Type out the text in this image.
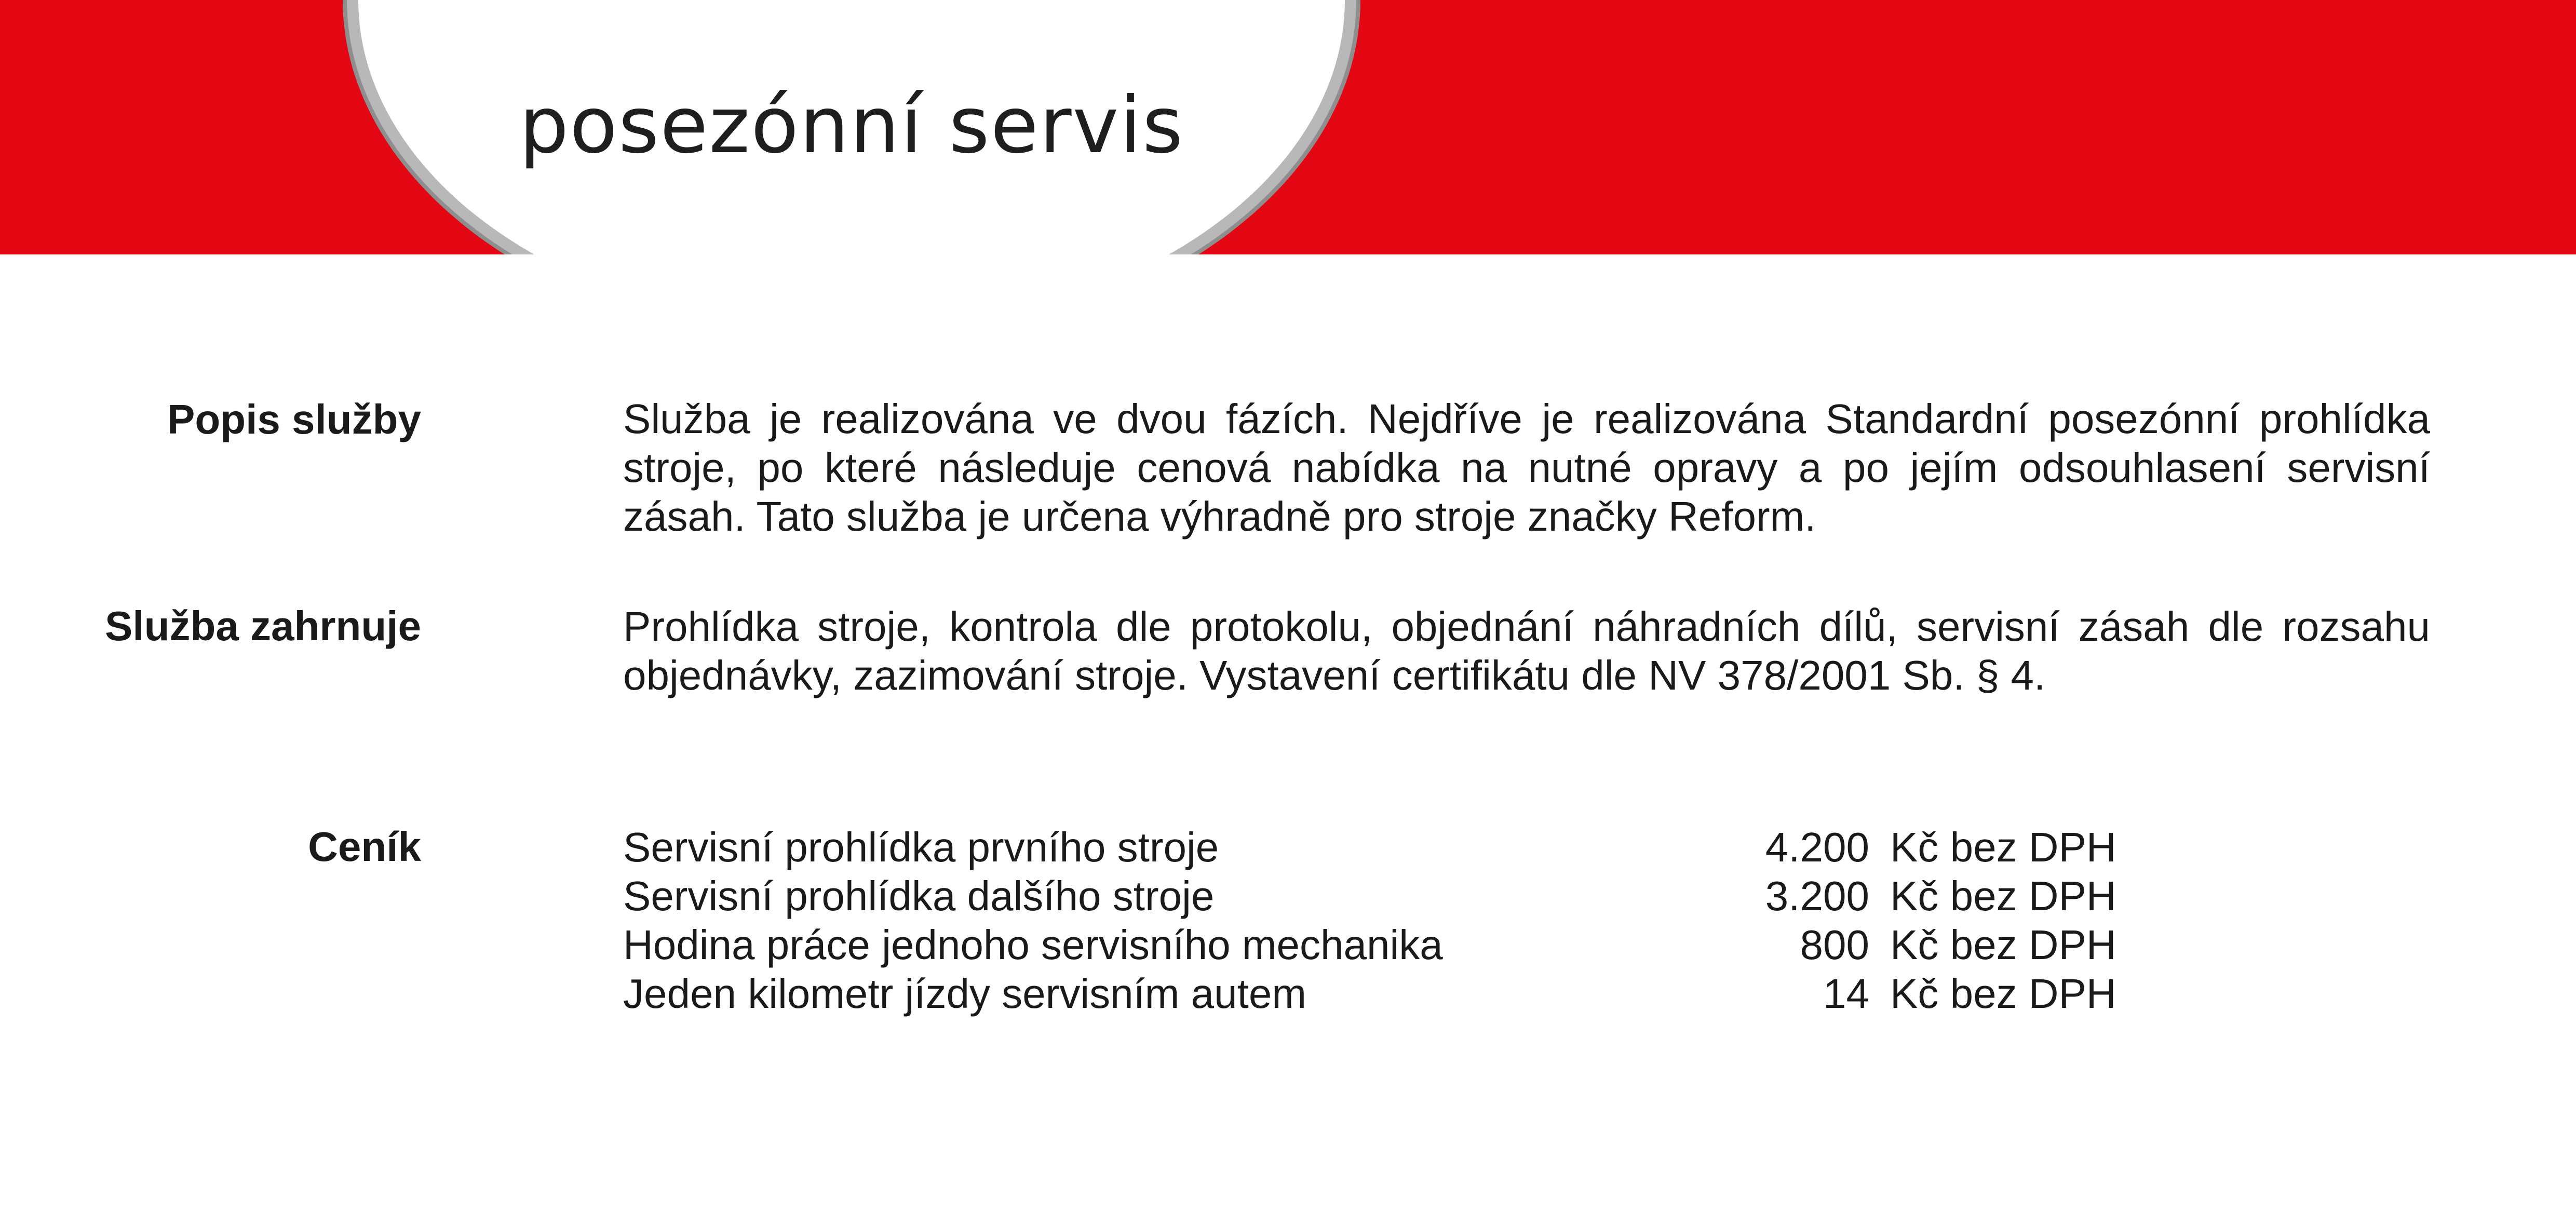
posezónní servis
Popis služby	Služba je realizována ve dvou fázích. Nejdříve je realizována Standardní posezónní prohlídka stroje, po které následuje cenová nabídka na nutné opravy a po jejím odsouhlasení servisní zásah. Tato služba je určena výhradně pro stroje značky Reform.
Služba zahrnuje	Prohlídka stroje, kontrola dle protokolu, objednání náhradních dílů, servisní zásah dle rozsahu objednávky, zazimování stroje. Vystavení certifikátu dle NV 378/2001 Sb. § 4.
Ceník	Servisní prohlídka prvního stroje	4.200 Kč bez DPH
Servisní prohlídka dalšího stroje	3.200 Kč bez DPH
Hodina práce jednoho servisního mechanika	800 Kč bez DPH
Jeden kilometr jízdy servisním autem	14 Kč bez DPH
